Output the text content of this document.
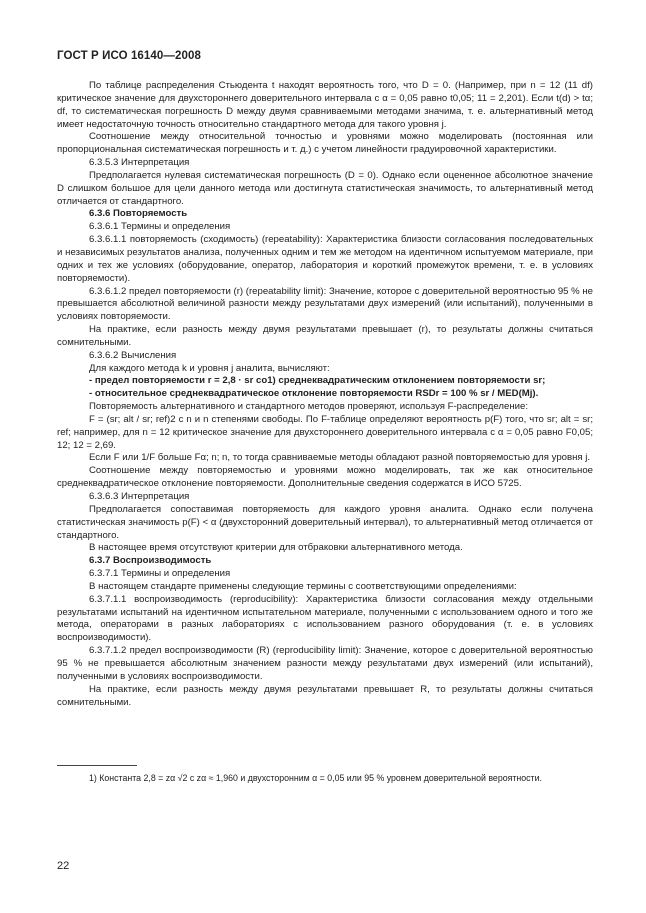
ГОСТ Р ИСО 16140—2008

По таблице распределения Стьюдента t находят вероятность того, что D = 0. (Например, при n = 12 (11 df) критическое значение для двухстороннего доверительного интервала с α = 0,05 равно t0,05; 11 = 2,201). Если t(d) > tα; df, то систематическая погрешность D между двумя сравниваемыми методами значима, т. е. альтернативный метод имеет недостаточную точность относительно стандартного метода для такого уровня j.

Соотношение между относительной точностью и уровнями можно моделировать (постоянная или пропорциональная систематическая погрешность и т. д.) с учетом линейности градуировочной характеристики.

6.3.5.3 Интерпретация

Предполагается нулевая систематическая погрешность (D = 0). Однако если оцененное абсолютное значение D слишком большое для цели данного метода или достигнута статистическая значимость, то альтернативный метод отличается от стандартного.

6.3.6 Повторяемость

6.3.6.1 Термины и определения

6.3.6.1.1 повторяемость (сходимость) (repeatability): Характеристика близости согласования последовательных и независимых результатов анализа, полученных одним и тем же методом на идентичном испытуемом материале, при одних и тех же условиях (оборудование, оператор, лаборатория и короткий промежуток времени, т. е. в условиях повторяемости).

6.3.6.1.2 предел повторяемости (r) (repeatability limit): Значение, которое с доверительной вероятностью 95 % не превышается абсолютной величиной разности между результатами двух измерений (или испытаний), полученными в условиях повторяемости.

На практике, если разность между двумя результатами превышает (r), то результаты должны считаться сомнительными.

6.3.6.2 Вычисления

Для каждого метода k и уровня j аналита, вычисляют:

- предел повторяемости r = 2,8 · sr со1) среднеквадратическим отклонением повторяемости sr;

- относительное среднеквадратическое отклонение повторяемости RSDr = 100 % sr / MED(Mj).

Повторяемость альтернативного и стандартного методов проверяют, используя F-распределение:

F = (sr; alt / sr; ref)2 с n и n степенями свободы. По F-таблице определяют вероятность p(F) того, что sr; alt = sr; ref; например, для n = 12 критическое значение для двухстороннего доверительного интервала с α = 0,05 равно F0,05; 12; 12 = 2,69.

Если F или 1/F больше Fα; n; n, то тогда сравниваемые методы обладают разной повторяемостью для уровня j.

Соотношение между повторяемостью и уровнями можно моделировать, так же как относительное среднеквадратическое отклонение повторяемости. Дополнительные сведения содержатся в ИСО 5725.

6.3.6.3 Интерпретация

Предполагается сопоставимая повторяемость для каждого уровня аналита. Однако если получена статистическая значимость p(F) < α (двухсторонний доверительный интервал), то альтернативный метод отличается от стандартного.

В настоящее время отсутствуют критерии для отбраковки альтернативного метода.

6.3.7 Воспроизводимость

6.3.7.1 Термины и определения

В настоящем стандарте применены следующие термины с соответствующими определениями:

6.3.7.1.1 воспроизводимость (reproducibility): Характеристика близости согласования между отдельными результатами испытаний на идентичном испытательном материале, полученными с использованием одного и того же метода, операторами в разных лабораториях с использованием разного оборудования (т. е. в условиях воспроизводимости).

6.3.7.1.2 предел воспроизводимости (R) (reproducibility limit): Значение, которое с доверительной вероятностью 95 % не превышается абсолютным значением разности между результатами двух измерений (или испытаний), полученными в условиях воспроизводимости.

На практике, если разность между двумя результатами превышает R, то результаты должны считаться сомнительными.

1) Константа 2,8 = zα √2 с zα ≈ 1,960 и двухсторонним α = 0,05 или 95 % уровнем доверительной вероятности.
22
